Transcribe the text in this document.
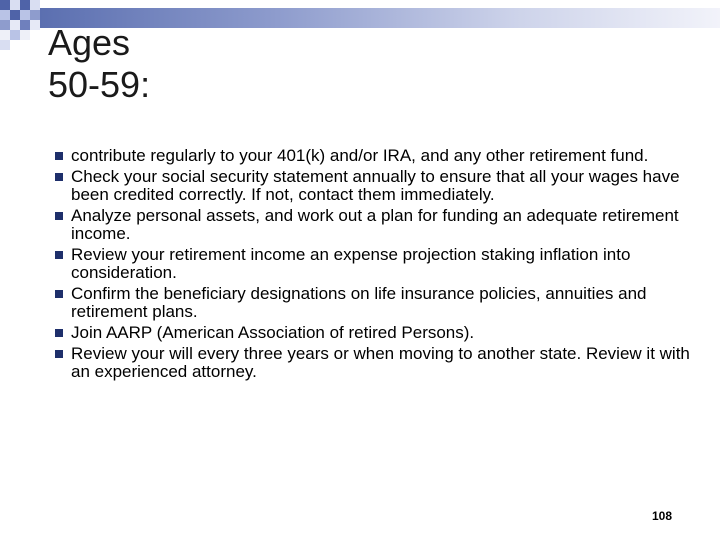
Ages
50-59:
contribute regularly to your 401(k) and/or IRA, and any other retirement fund.
Check your social security statement annually to ensure that all your wages have been credited correctly. If not, contact them immediately.
Analyze personal assets, and work out a plan for funding an adequate retirement income.
Review your retirement income an expense projection staking inflation into consideration.
Confirm the beneficiary designations on life insurance policies, annuities and retirement plans.
Join AARP (American Association of retired Persons).
Review your will every three years or when moving to another state. Review it with an experienced attorney.
108
